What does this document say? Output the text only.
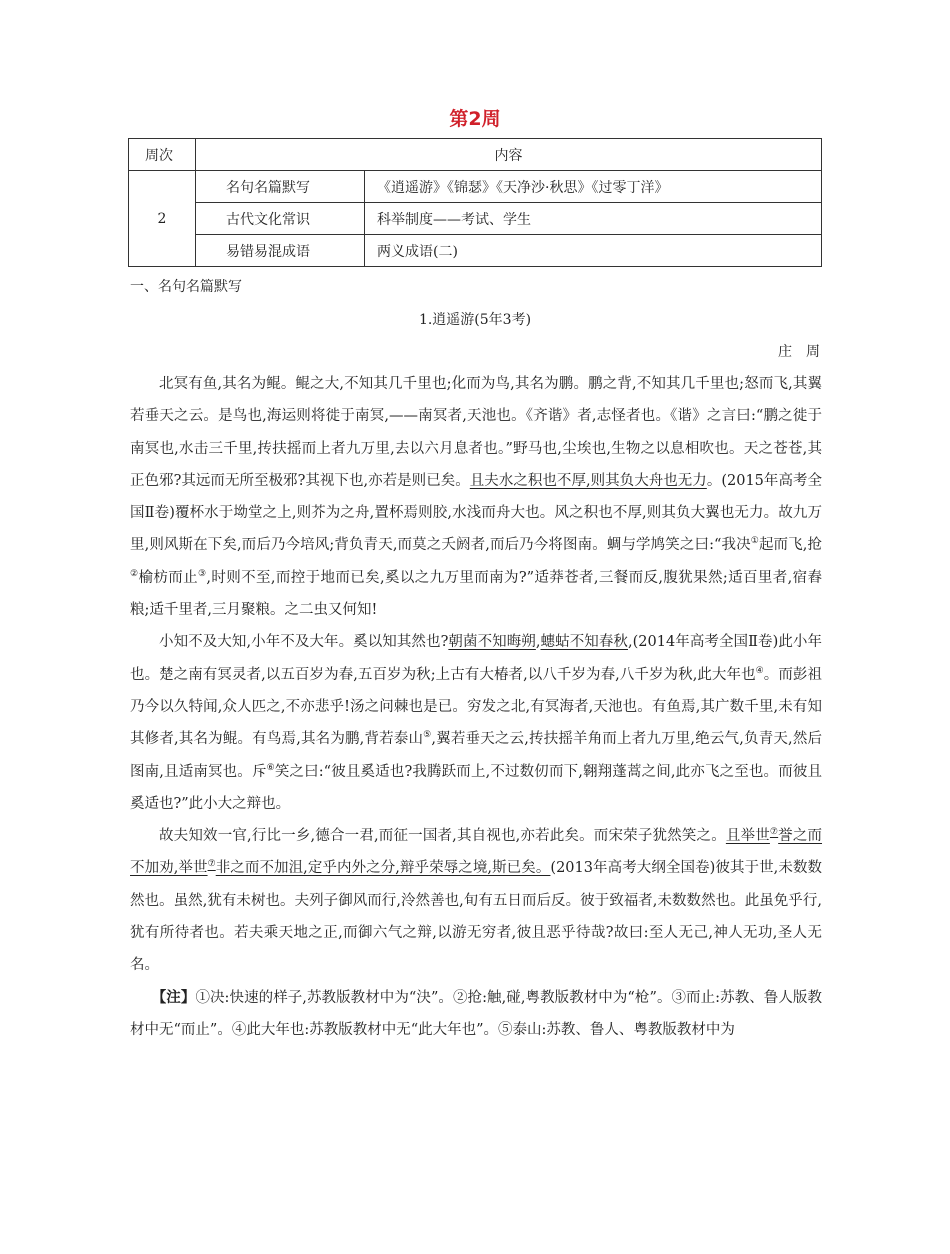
第2周
周次	内容	
2	名句名篇默写	《逍遥游》《锦瑟》《天净沙·秋思》《过零丁洋》
	古代文化常识	科举制度——考试、学生
	易错易混成语	两义成语(二)
一、名句名篇默写
1.逍遥游(5年3考)
庄周

北冥有鱼,其名为鲲。鲲之大,不知其几千里也;化而为鸟,其名为鹏。鹏之背,不知其几千里也;怒而飞,其翼若垂天之云。是鸟也,海运则将徙于南冥,——南冥者,天池也。《齐谐》者,志怪者也。《谐》之言曰:“鹏之徙于南冥也,水击三千里,抟扶摇而上者九万里,去以六月息者也。”野马也,尘埃也,生物之以息相吹也。天之苍苍,其正色邪?其远而无所至极邪?其视下也,亦若是则已矣。且夫水之积也不厚,则其负大舟也无力。(2015年高考全国Ⅱ卷)覆杯水于坳堂之上,则芥为之舟,置杯焉则胶,水浅而舟大也。风之积也不厚,则其负大翼也无力。故九万里,则风斯在下矣,而后乃今培风;背负青天,而莫之夭阏者,而后乃今将图南。蜩与学鸠笑之曰:“我决①起而飞,抢②榆枋而止③,时则不至,而控于地而已矣,奚以之九万里而南为?”适莽苍者,三餐而反,腹犹果然;适百里者,宿舂粮;适千里者,三月聚粮。之二虫又何知!

小知不及大知,小年不及大年。奚以知其然也?朝菌不知晦朔,蟪蛄不知春秋,(2014年高考全国Ⅱ卷)此小年也。楚之南有冥灵者,以五百岁为春,五百岁为秋;上古有大椿者,以八千岁为春,八千岁为秋,此大年也④。而彭祖乃今以久特闻,众人匹之,不亦悲乎!汤之问棘也是已。穷发之北,有冥海者,天池也。有鱼焉,其广数千里,未有知其修者,其名为鲲。有鸟焉,其名为鹏,背若泰山⑤,翼若垂天之云,抟扶摇羊角而上者九万里,绝云气,负青天,然后图南,且适南冥也。斥⑥笑之曰:“彼且奚适也?我腾跃而上,不过数仞而下,翱翔蓬蒿之间,此亦飞之至也。而彼且奚适也?”此小大之辩也。

故夫知效一官,行比一乡,德合一君,而征一国者,其自视也,亦若此矣。而宋荣子犹然笑之。且举世⑦誉之而不加劝,举世⑦非之而不加沮,定乎内外之分,辩乎荣辱之境,斯已矣。(2013年高考大纲全国卷)彼其于世,未数数然也。虽然,犹有未树也。夫列子御风而行,泠然善也,旬有五日而后反。彼于致福者,未数数然也。此虽免乎行,犹有所待者也。若夫乘天地之正,而御六气之辩,以游无穷者,彼且恶乎待哉?故曰:至人无己,神人无功,圣人无名。

【注】①决:快速的样子,苏教版教材中为“決”。②抢:触,碰,粤教版教材中为“枪”。③而止:苏教、鲁人版教材中无“而止”。④此大年也:苏教版教材中无“此大年也”。⑤泰山:苏教、鲁人、粤教版教材中为
